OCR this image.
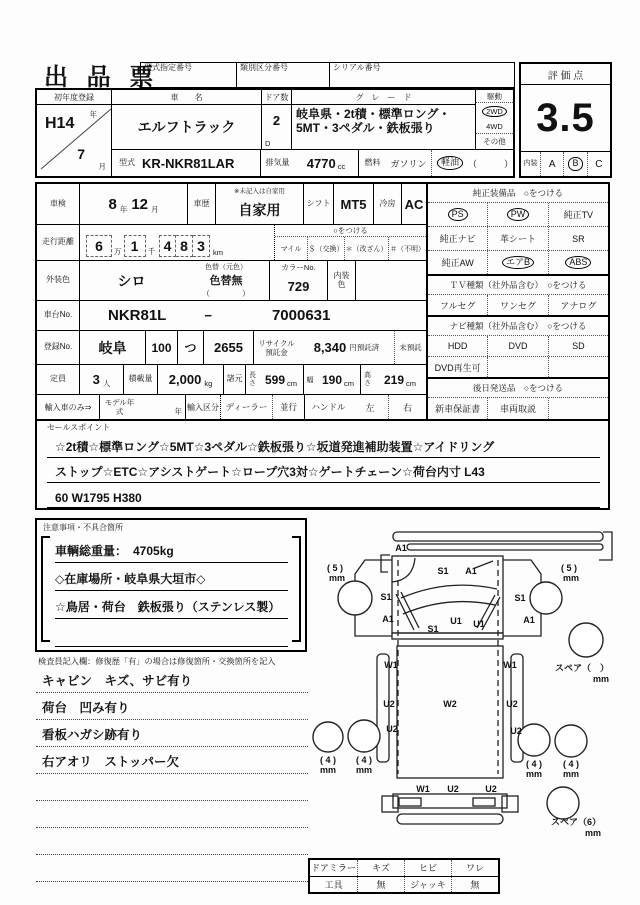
出 品 票
型式指定番号	類別区分番号	シリアル番号
評 価 点
3.5
内装	A	B	C
初年度登録
H14
年
7
月
車　　名
エルフトラック
ドア数
2
D
グ　レ　ー　ド
岐阜県・2t積・標準ロング・5MT・3ペダル・鉄板張り
駆動
2WD
4WD
その他
型式 KR-NKR81LAR	排気量	4770 cc	燃料	ガソリン	軽油	（　　　）
車検	8 年 12 月
車歴
※未記入は自家用
自家用	シフト MT5	冷房 AC
走行距離	6	万 1	千 4 8 3	km
○をつける
マイル	＄（交換） ＊（改ざん） ＃（不明）
外装色	シロ
色替（元色）
色替無
（　　　　）
カラーNo.
729
内装色
車台No.	NKR81L	−	7000631
登録No.	岐阜	100	つ	2655	リサイクル預託金	8,340 円預託済	未預託
定員	3 人
積載量	2,000 kg
諸元 長さ 599 cm	幅 190 cm
高さ 219 cm
輸入車のみ⇒	モデル年式	年 輸入区分 ディーラー	並行	ハンドル	左	右
純正装備品　○をつける
PS	PW	純正TV
純正ナビ	革シート	SR
純正AW	エアB	ABS
ＴＶ種類（社外品含む）　○をつける
フルセグ	ワンセグ	アナログ
ナビ種類（社外品含む）　○をつける
HDD	DVD	SD
DVD再生可
後日発送品　○をつける
新車保証書	車両取説
セールスポイント
☆2t積☆標準ロング☆5MT☆3ペダル☆鉄板張り☆坂道発進補助装置☆アイドリング
ストップ☆ETC☆アシストゲート☆ロープ穴3対☆ゲートチェーン☆荷台内寸 L43
60 W1795 H380
注意事項・不具合箇所
車輌総重量：　4705kg
◇在庫場所・岐阜県大垣市◇
☆鳥居・荷台　鉄板張り（ステンレス製）
検査員記入欄：修復歴「有」の場合は修復箇所・交換箇所を記入
キャビン　キズ、サビ有り
荷台　凹み有り
看板ハガシ跡有り
右アオリ　ストッパー欠
A1
S1 A1
S1
A1
S1
A1
S1
U1 U1
( 5 )
mm
( 5 )
mm
スペア（　）
mm
W1	W1
U2
U2
U2
U2
W2
W1 U2	U2
( 4 )
mm
( 4 )
mm
( 4 )
mm
( 4 )
mm
スペア（6）
mm
ドアミラー	キズ	ヒビ	ワレ
工具	無	ジャッキ	無
